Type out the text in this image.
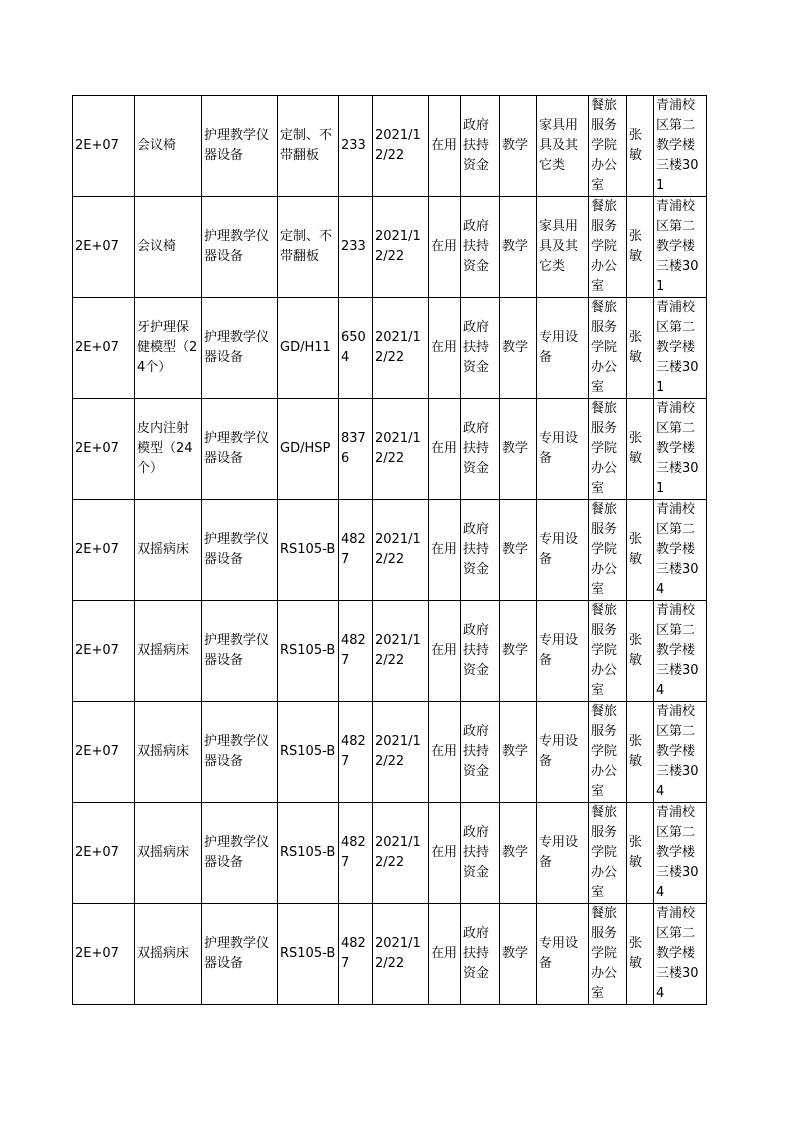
2E+07	会议椅	护理教学仪器设备	定制、不带翻板	233	2021/12/22	在用	政府扶持资金	教学	家具用具及其它类	餐旅服务学院办公室	张敏	青浦校区第二教学楼三楼301
2E+07	会议椅	护理教学仪器设备	定制、不带翻板	233	2021/12/22	在用	政府扶持资金	教学	家具用具及其它类	餐旅服务学院办公室	张敏	青浦校区第二教学楼三楼301
2E+07	牙护理保健模型（24个）	护理教学仪器设备	GD/H11	6504	2021/12/22	在用	政府扶持资金	教学	专用设备	餐旅服务学院办公室	张敏	青浦校区第二教学楼三楼301
2E+07	皮内注射模型（24个）	护理教学仪器设备	GD/HSP	8376	2021/12/22	在用	政府扶持资金	教学	专用设备	餐旅服务学院办公室	张敏	青浦校区第二教学楼三楼301
2E+07	双摇病床	护理教学仪器设备	RS105-B	4827	2021/12/22	在用	政府扶持资金	教学	专用设备	餐旅服务学院办公室	张敏	青浦校区第二教学楼三楼304
2E+07	双摇病床	护理教学仪器设备	RS105-B	4827	2021/12/22	在用	政府扶持资金	教学	专用设备	餐旅服务学院办公室	张敏	青浦校区第二教学楼三楼304
2E+07	双摇病床	护理教学仪器设备	RS105-B	4827	2021/12/22	在用	政府扶持资金	教学	专用设备	餐旅服务学院办公室	张敏	青浦校区第二教学楼三楼304
2E+07	双摇病床	护理教学仪器设备	RS105-B	4827	2021/12/22	在用	政府扶持资金	教学	专用设备	餐旅服务学院办公室	张敏	青浦校区第二教学楼三楼304
2E+07	双摇病床	护理教学仪器设备	RS105-B	4827	2021/12/22	在用	政府扶持资金	教学	专用设备	餐旅服务学院办公室	张敏	青浦校区第二教学楼三楼304
